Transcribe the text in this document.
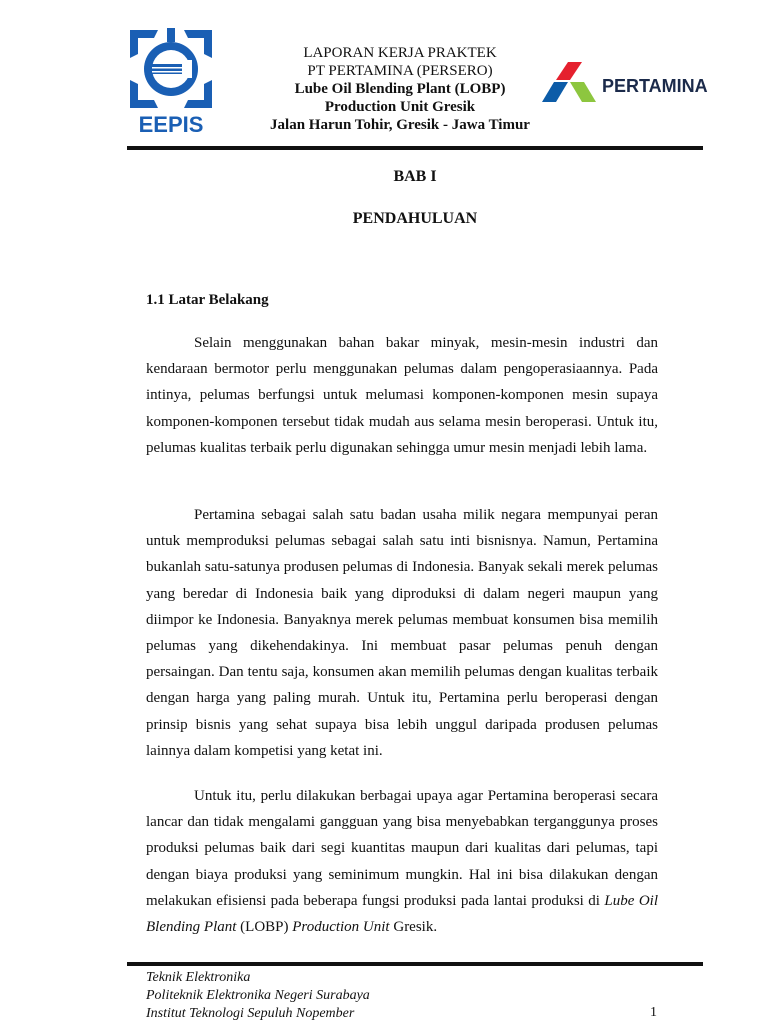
EEPIS
LAPORAN KERJA PRAKTEK
PT PERTAMINA (PERSERO)
Lube Oil Blending Plant (LOBP)
Production Unit Gresik
Jalan Harun Tohir, Gresik - Jawa Timur
PERTAMINA
BAB I
PENDAHULUAN
1.1 Latar Belakang

Selain menggunakan bahan bakar minyak, mesin-mesin industri dan kendaraan bermotor perlu menggunakan pelumas dalam pengoperasiaannya. Pada intinya, pelumas berfungsi untuk melumasi komponen-komponen mesin supaya komponen-komponen tersebut tidak mudah aus selama mesin beroperasi. Untuk itu, pelumas kualitas terbaik perlu digunakan sehingga umur mesin menjadi lebih lama.

Pertamina sebagai salah satu badan usaha milik negara mempunyai peran untuk memproduksi pelumas sebagai salah satu inti bisnisnya. Namun, Pertamina bukanlah satu-satunya produsen pelumas di Indonesia. Banyak sekali merek pelumas yang beredar di Indonesia baik yang diproduksi di dalam negeri maupun yang diimpor ke Indonesia. Banyaknya merek pelumas membuat konsumen bisa memilih pelumas yang dikehendakinya. Ini membuat pasar pelumas penuh dengan persaingan. Dan tentu saja, konsumen akan memilih pelumas dengan kualitas terbaik dengan harga yang paling murah. Untuk itu, Pertamina perlu beroperasi dengan prinsip bisnis yang sehat supaya bisa lebih unggul daripada produsen pelumas lainnya dalam kompetisi yang ketat ini.

Untuk itu, perlu dilakukan berbagai upaya agar Pertamina beroperasi secara lancar dan tidak mengalami gangguan yang bisa menyebabkan terganggunya proses produksi pelumas baik dari segi kuantitas maupun dari kualitas dari pelumas, tapi dengan biaya produksi yang seminimum mungkin. Hal ini bisa dilakukan dengan melakukan efisiensi pada beberapa fungsi produksi pada lantai produksi di Lube Oil Blending Plant (LOBP) Production Unit Gresik.

Teknik Elektronika
Politeknik Elektronika Negeri Surabaya
Institut Teknologi Sepuluh Nopember	1
